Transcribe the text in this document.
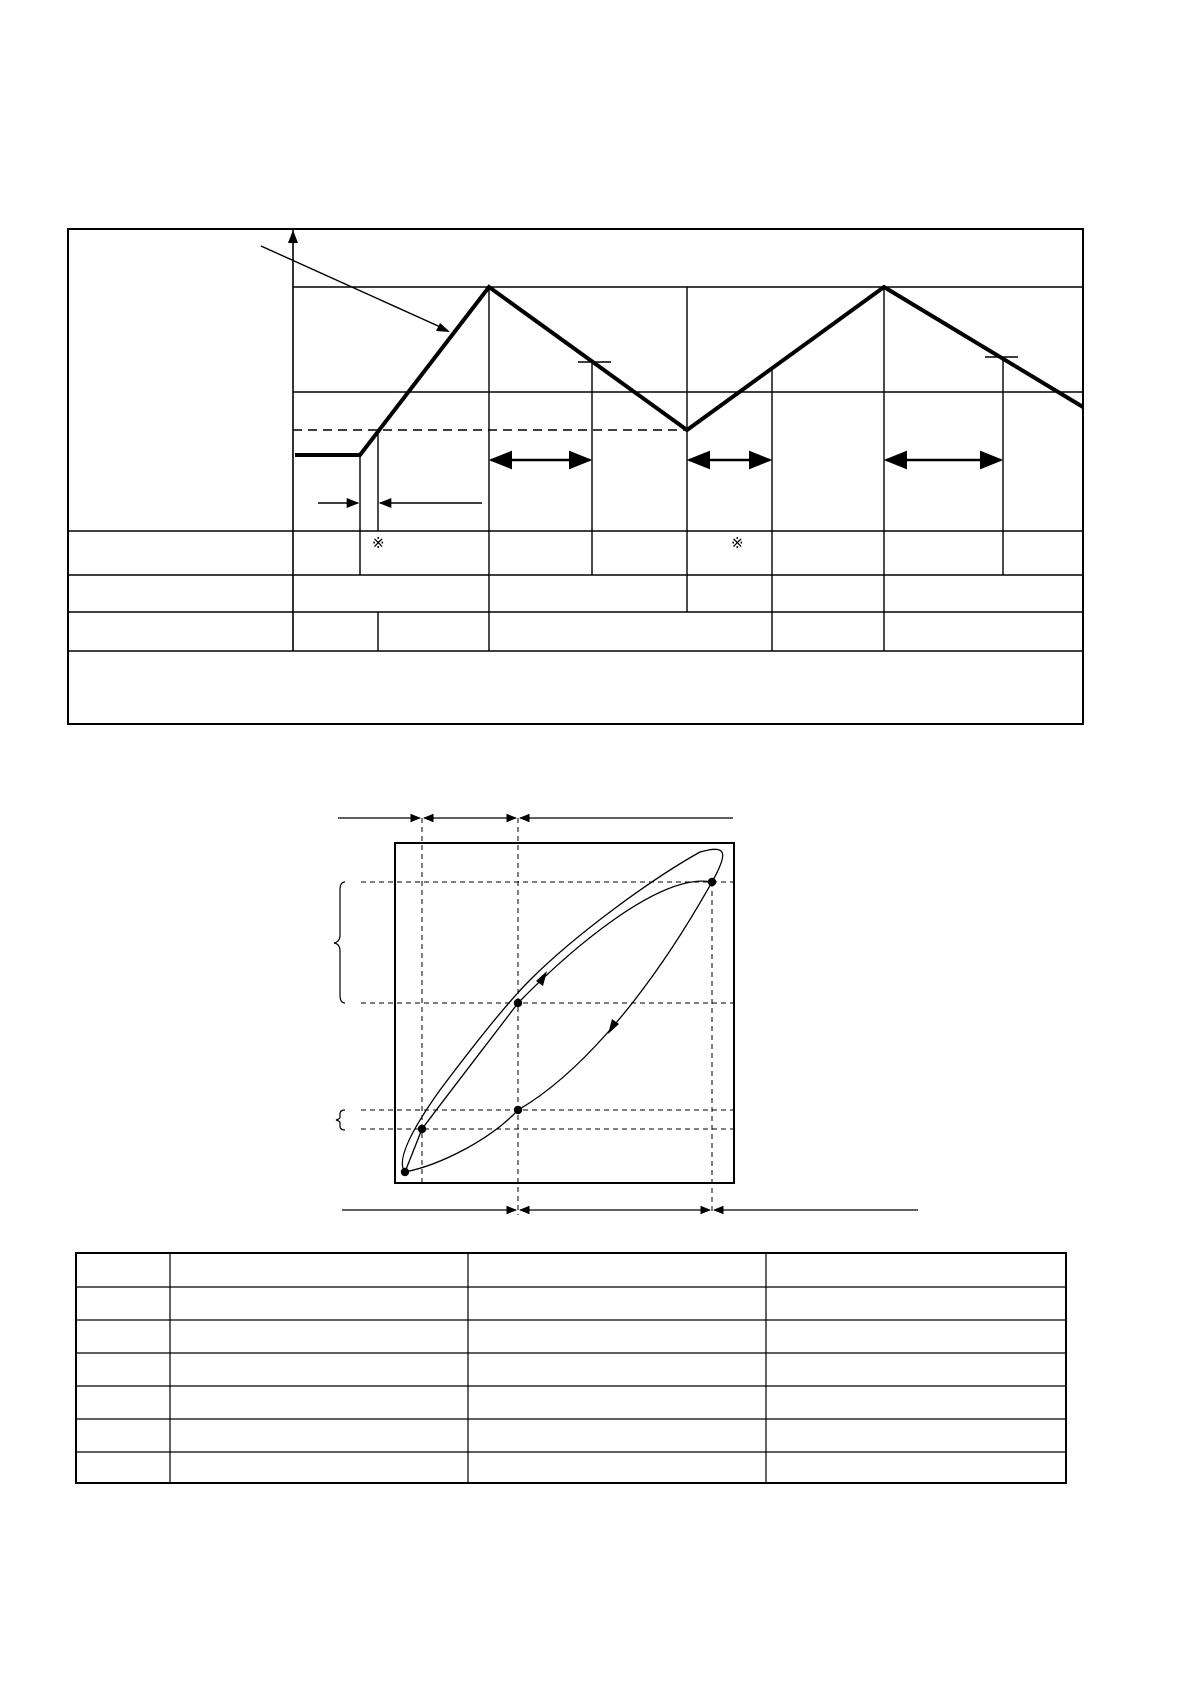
※	※
